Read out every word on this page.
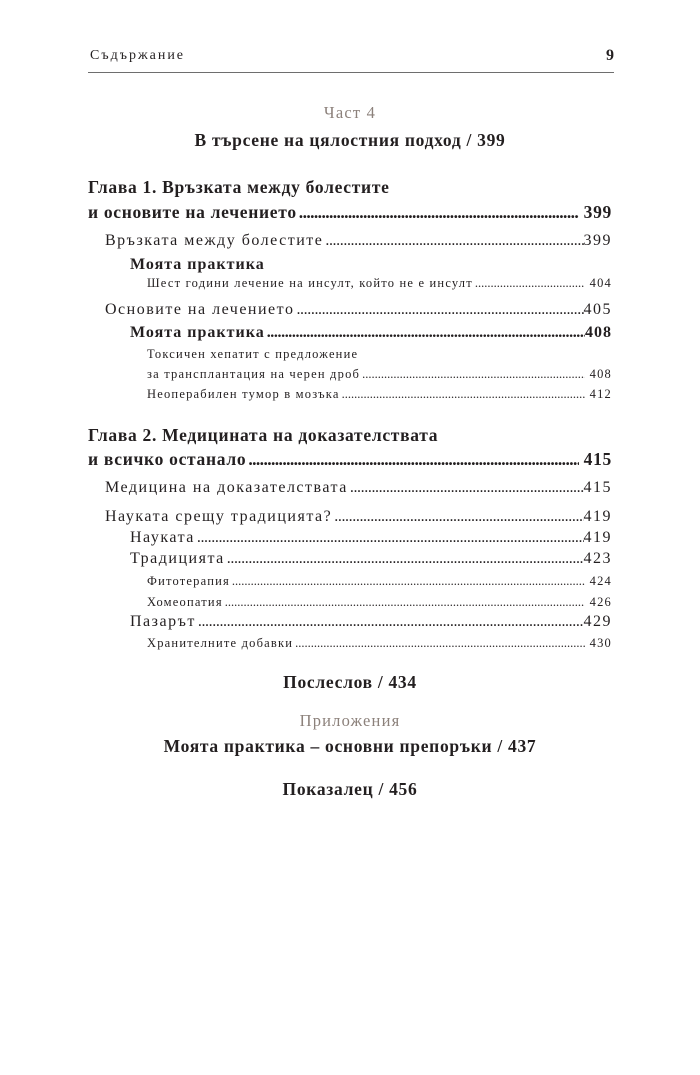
Съдържание	9
Част 4
В търсене на цялостния подход / 399
Глава 1. Връзката между болестите
и основите на лечението .....	399
Връзката между болестите .....	399
Моята практика
Шест години лечение на инсулт, който не е инсулт .....	404
Основите на лечението .....	405
Моята практика .....	408
Токсичен хепатит с предложение
за трансплантация на черен дроб .....	408
Неоперабилен тумор в мозъка .....	412
Глава 2. Медицината на доказателствата
и всичко останало .....	415
Медицина на доказателствата .....	415
Науката срещу традицията? .....	419
Науката .....	419
Традицията .....	423
Фитотерапия .....	424
Хомеопатия .....	426
Пазарът .....	429
Хранителните добавки .....	430
Послеслов / 434
Приложения
Моята практика – основни препоръки / 437
Показалец / 456
